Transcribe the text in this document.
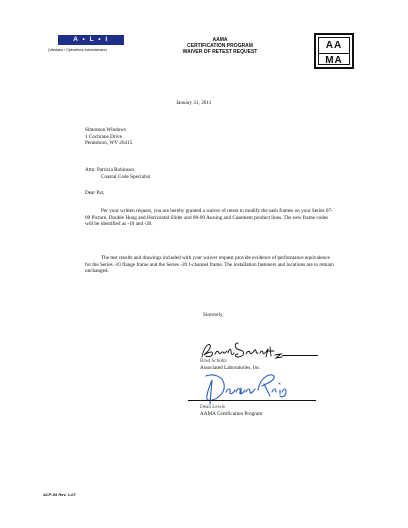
A • L • I
(Validator / Operations Administrator)
AAMA
CERTIFICATION PROGRAM
WAIVER OF RETEST REQUEST
AA
MA
January 31, 2011
Simonton Windows
1 Cochrane Drive
Pennsboro, WV 26415
Attn: Patricia Robinson
Coastal Code Specialist
Dear Pat,
Per your written request, you are hereby granted a waiver of retest to modify the sash frames on your Series 07-09 Picture, Double Hung and Horizontal Slider and 08-09 Awning and Casement product lines. The new frame codes will be identified as -10 and -20.
The test results and drawings included with your waiver request provide evidence of performance equivalence for the Series -10 flange frame and the Series -20 J-channel frame. The installation fasteners and locations are to remain unchanged.
Sincerely,
Brad Schultz
Associated Laboratories, Inc.
Dean Lewis
AAMA Certification Program
ACP-05 Rev. 1-07
